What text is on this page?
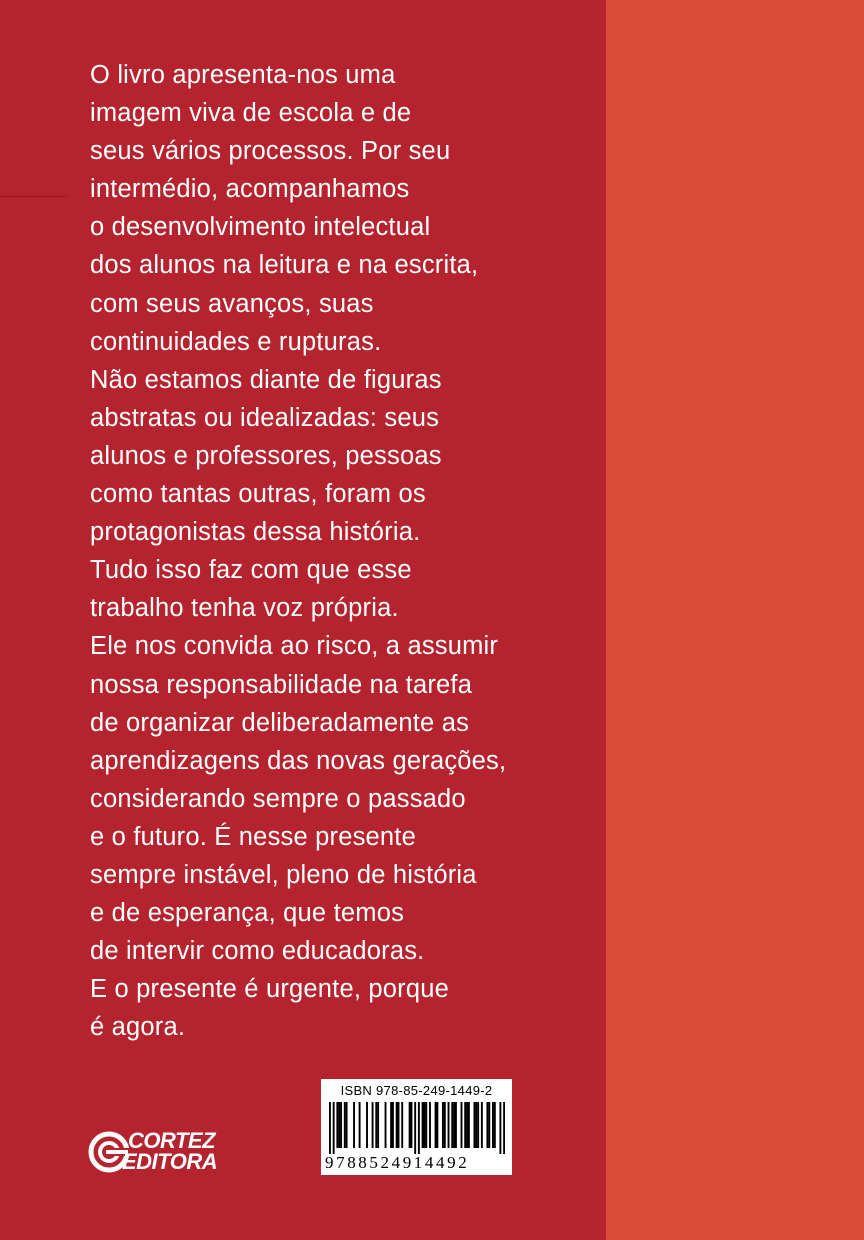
O livro apresenta-nos uma
imagem viva de escola e de
seus vários processos. Por seu
intermédio, acompanhamos
o desenvolvimento intelectual
dos alunos na leitura e na escrita,
com seus avanços, suas
continuidades e rupturas.
Não estamos diante de figuras
abstratas ou idealizadas: seus
alunos e professores, pessoas
como tantas outras, foram os
protagonistas dessa história.
Tudo isso faz com que esse
trabalho tenha voz própria.
Ele nos convida ao risco, a assumir
nossa responsabilidade na tarefa
de organizar deliberadamente as
aprendizagens das novas gerações,
considerando sempre o passado
e o futuro. É nesse presente
sempre instável, pleno de história
e de esperança, que temos
de intervir como educadoras.
E o presente é urgente, porque
é agora.
CORTEZ
EDITORA
ISBN 978-85-249-1449-2
9788524914492
